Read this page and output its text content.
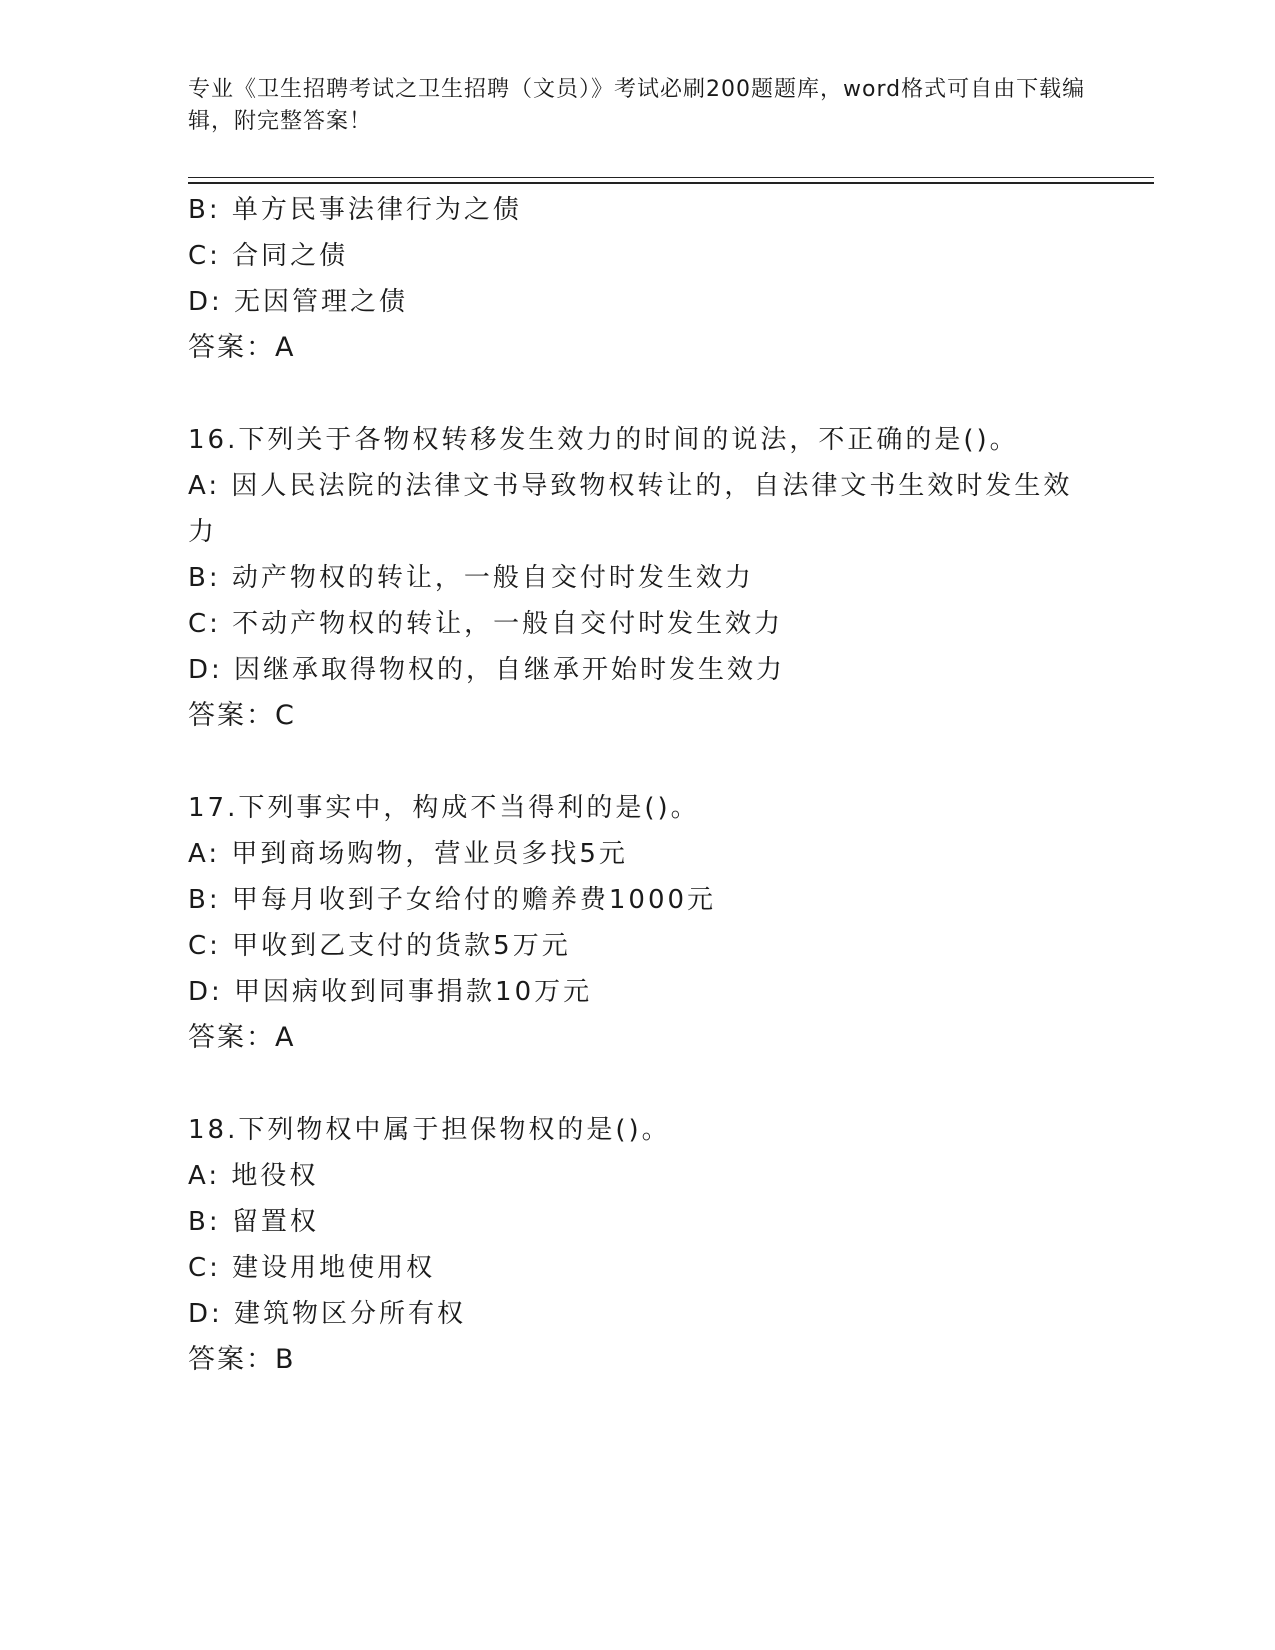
专业《卫生招聘考试之卫生招聘（文员）》考试必刷200题题库，word格式可自由下载编辑，附完整答案！
B: 单方民事法律行为之债
C: 合同之债
D: 无因管理之债
答案：A
16.下列关于各物权转移发生效力的时间的说法，不正确的是()。
A: 因人民法院的法律文书导致物权转让的，自法律文书生效时发生效力
B: 动产物权的转让，一般自交付时发生效力
C: 不动产物权的转让，一般自交付时发生效力
D: 因继承取得物权的，自继承开始时发生效力
答案：C
17.下列事实中，构成不当得利的是()。
A: 甲到商场购物，营业员多找5元
B: 甲每月收到子女给付的赡养费1000元
C: 甲收到乙支付的货款5万元
D: 甲因病收到同事捐款10万元
答案：A
18.下列物权中属于担保物权的是()。
A: 地役权
B: 留置权
C: 建设用地使用权
D: 建筑物区分所有权
答案：B
